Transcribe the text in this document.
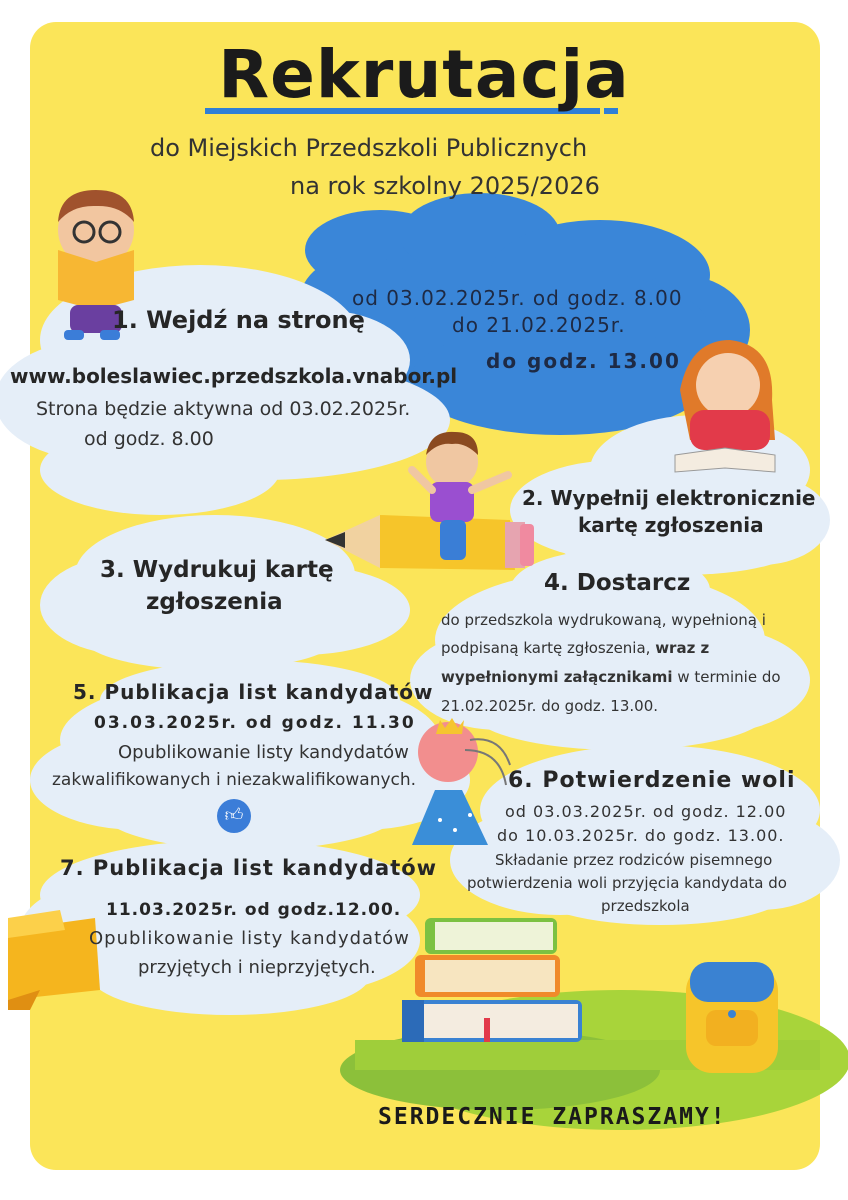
Rekrutacja
do Miejskich Przedszkoli Publicznych
na rok szkolny 2025/2026
od 03.02.2025r. od godz. 8.00
do 21.02.2025r.
do godz. 13.00
1. Wejdź na stronę
www.boleslawiec.przedszkola.vnabor.pl
Strona będzie aktywna od 03.02.2025r.
od godz. 8.00
2. Wypełnij elektronicznie
kartę zgłoszenia
3. Wydrukuj kartę
zgłoszenia
4. Dostarcz
do przedszkola wydrukowaną, wypełnioną i
podpisaną kartę zgłoszenia, wraz z
wypełnionymi załącznikami w terminie do
21.02.2025r. do godz. 13.00.
5. Publikacja list kandydatów
03.03.2025r. od godz. 11.30
Opublikowanie listy kandydatów
zakwalifikowanych i niezakwalifikowanych.
👍︎
6. Potwierdzenie woli
od 03.03.2025r. od godz. 12.00
do 10.03.2025r. do godz. 13.00.
Składanie przez rodziców pisemnego
potwierdzenia woli przyjęcia kandydata do
przedszkola
7. Publikacja list kandydatów
11.03.2025r. od godz.12.00.
Opublikowanie listy kandydatów
przyjętych i nieprzyjętych.
SERDECZNIE ZAPRASZAMY!
